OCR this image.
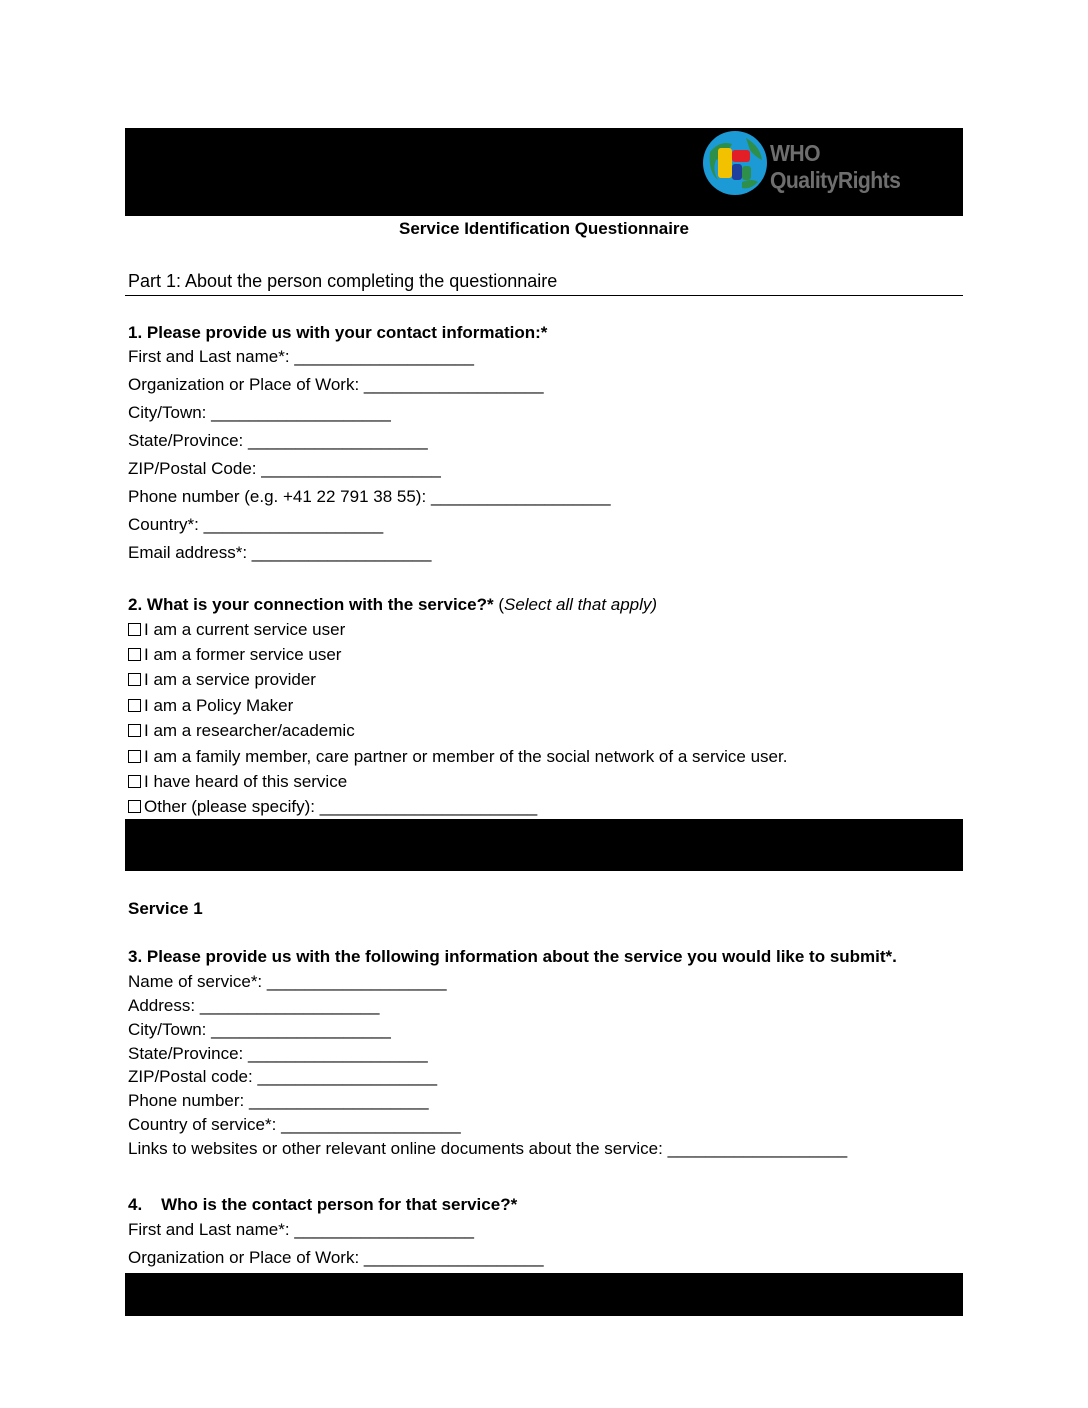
WHO QualityRights
Service Identification Questionnaire
Part 1: About the person completing the questionnaire
1. Please provide us with your contact information:*
First and Last name*: ___________________
Organization or Place of Work: ___________________
City/Town: ___________________
State/Province: ___________________
ZIP/Postal Code: ___________________
Phone number (e.g. +41 22 791 38 55): ___________________
Country*: ___________________
Email address*: ___________________
2. What is your connection with the service?* (Select all that apply)
I am a current service user
I am a former service user
I am a service provider
I am a Policy Maker
I am a researcher/academic
I am a family member, care partner or member of the social network of a service user.
I have heard of this service
Other (please specify): _______________________
Service 1
3. Please provide us with the following information about the service you would like to submit*.
Name of service*: ___________________
Address: ___________________
City/Town: ___________________
State/Province: ___________________
ZIP/Postal code: ___________________
Phone number: ___________________
Country of service*: ___________________
Links to websites or other relevant online documents about the service: ___________________
4.    Who is the contact person for that service?*
First and Last name*: ___________________
Organization or Place of Work: ___________________
